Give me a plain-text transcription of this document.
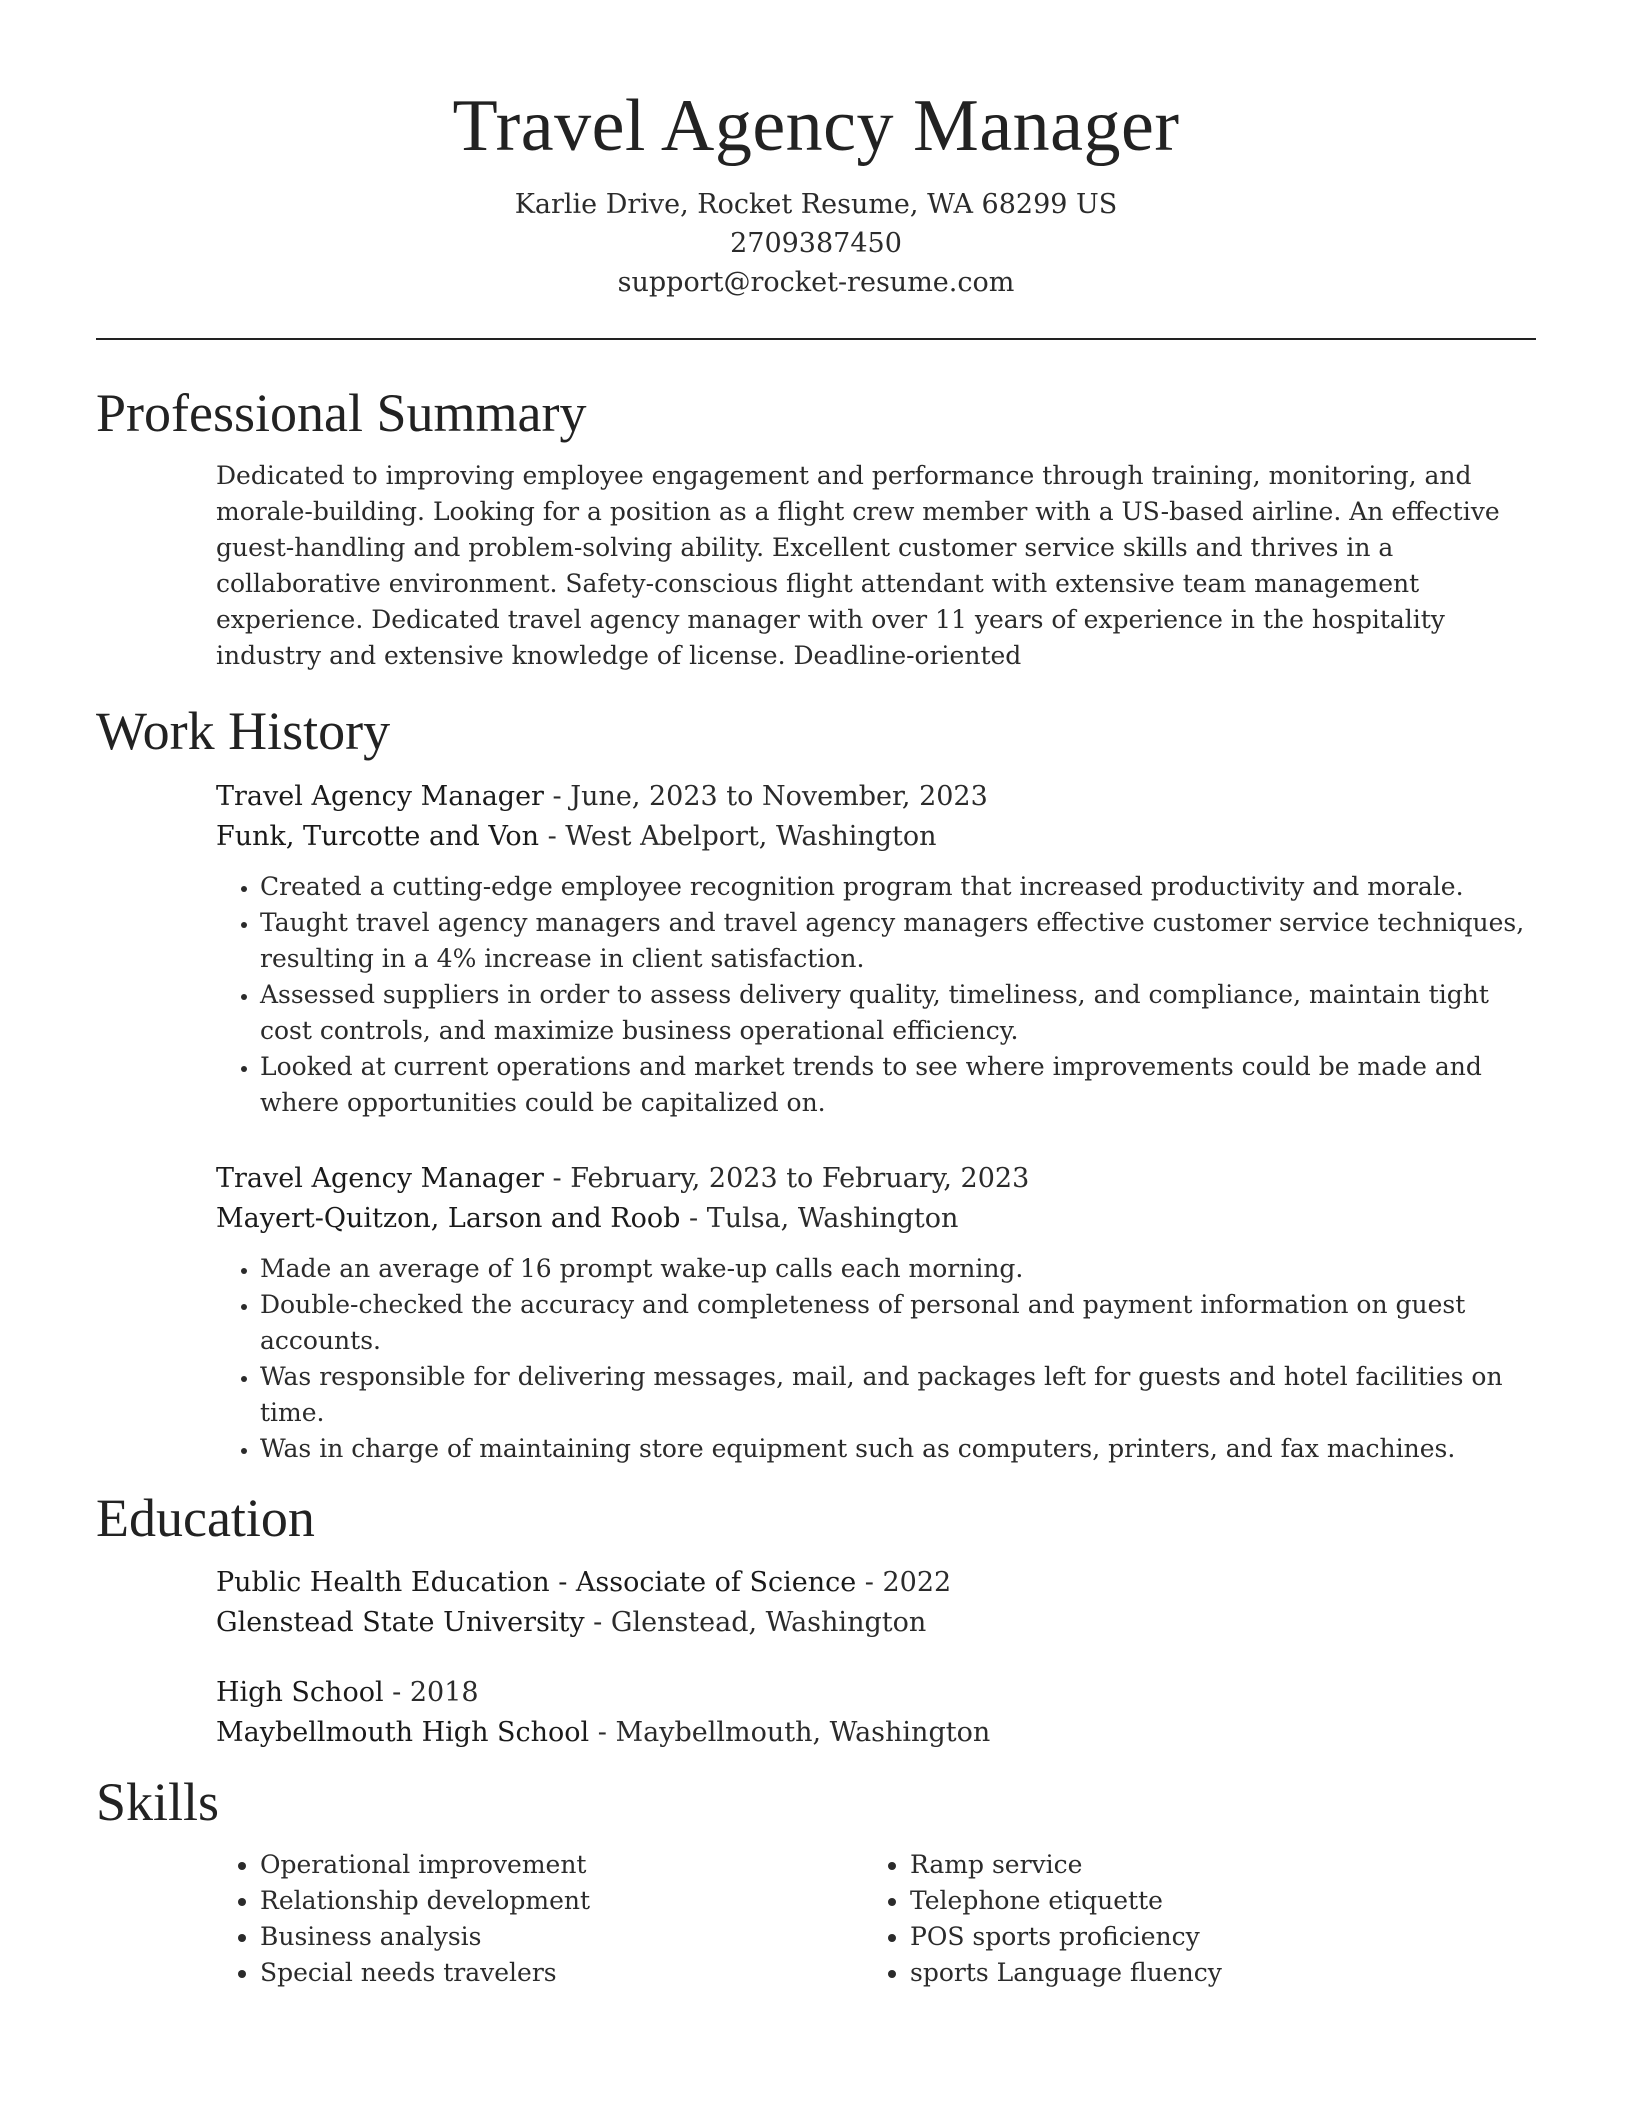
Travel Agency Manager
Karlie Drive, Rocket Resume, WA 68299 US
2709387450
support@rocket-resume.com
Professional Summary

Dedicated to improving employee engagement and performance through training, monitoring, and morale-building. Looking for a position as a flight crew member with a US-based airline. An effective guest-handling and problem-solving ability. Excellent customer service skills and thrives in a collaborative environment. Safety-conscious flight attendant with extensive team management experience. Dedicated travel agency manager with over 11 years of experience in the hospitality industry and extensive knowledge of license. Deadline-oriented

Work History
Travel Agency Manager - June, 2023 to November, 2023
Funk, Turcotte and Von - West Abelport, Washington
• Created a cutting-edge employee recognition program that increased productivity and morale.
• Taught travel agency managers and travel agency managers effective customer service techniques, resulting in a 4% increase in client satisfaction.
• Assessed suppliers in order to assess delivery quality, timeliness, and compliance, maintain tight cost controls, and maximize business operational efficiency.
• Looked at current operations and market trends to see where improvements could be made and where opportunities could be capitalized on.
Travel Agency Manager - February, 2023 to February, 2023
Mayert-Quitzon, Larson and Roob - Tulsa, Washington
• Made an average of 16 prompt wake-up calls each morning.
• Double-checked the accuracy and completeness of personal and payment information on guest accounts.
• Was responsible for delivering messages, mail, and packages left for guests and hotel facilities on time.
• Was in charge of maintaining store equipment such as computers, printers, and fax machines.
Education
Public Health Education - Associate of Science - 2022
Glenstead State University - Glenstead, Washington
High School - 2018
Maybellmouth High School - Maybellmouth, Washington
Skills
• Operational improvement
• Relationship development
• Business analysis
• Special needs travelers
• Ramp service
• Telephone etiquette
• POS sports proficiency
• sports Language fluency
